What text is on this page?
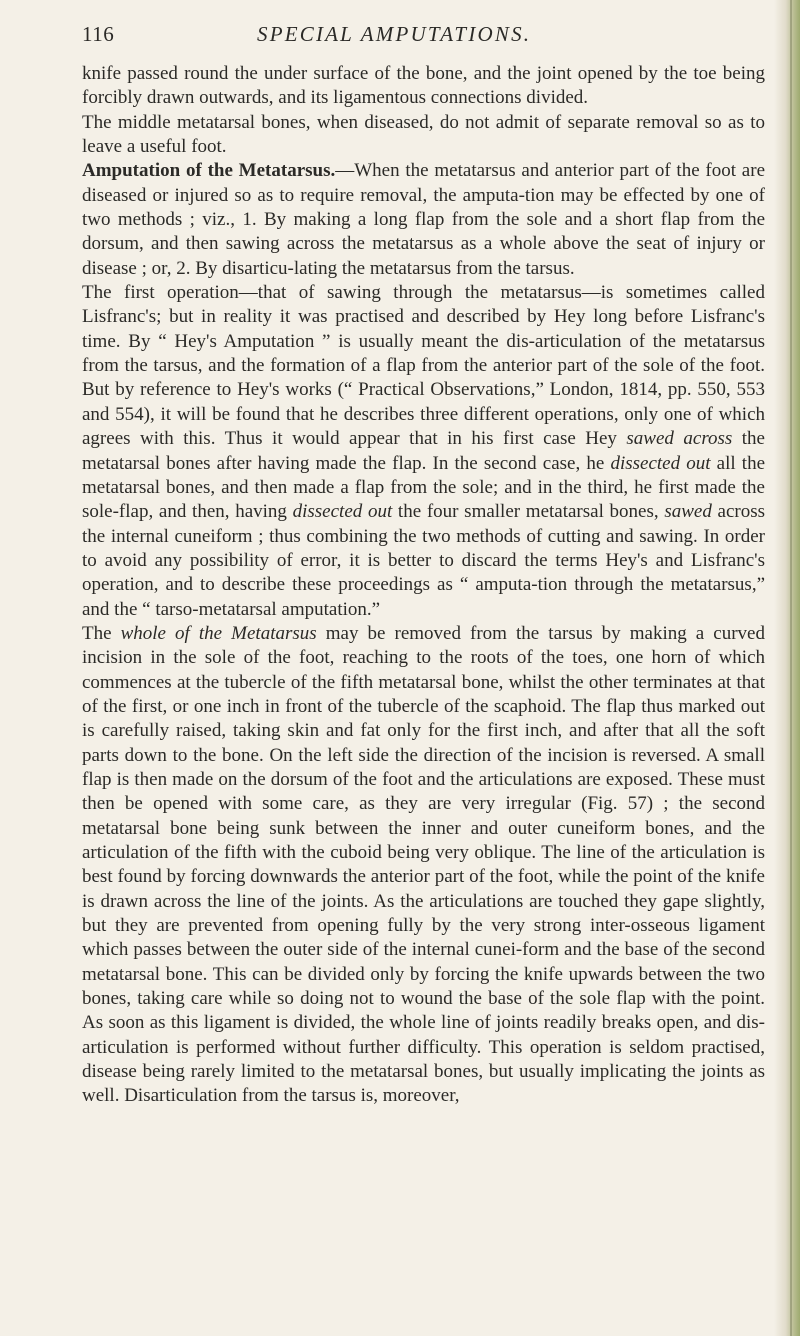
116	SPECIAL AMPUTATIONS.

knife passed round the under surface of the bone, and the joint opened by the toe being forcibly drawn outwards, and its ligamentous connections divided.

The middle metatarsal bones, when diseased, do not admit of separate removal so as to leave a useful foot.

Amputation of the Metatarsus.—When the metatarsus and anterior part of the foot are diseased or injured so as to require removal, the amputa-tion may be effected by one of two methods ; viz., 1. By making a long flap from the sole and a short flap from the dorsum, and then sawing across the metatarsus as a whole above the seat of injury or disease ; or, 2. By disarticu-lating the metatarsus from the tarsus.

The first operation—that of sawing through the metatarsus—is sometimes called Lisfranc's; but in reality it was practised and described by Hey long before Lisfranc's time. By “ Hey's Amputation ” is usually meant the dis-articulation of the metatarsus from the tarsus, and the formation of a flap from the anterior part of the sole of the foot. But by reference to Hey's works (“ Practical Observations,” London, 1814, pp. 550, 553 and 554), it will be found that he describes three different operations, only one of which agrees with this. Thus it would appear that in his first case Hey sawed across the metatarsal bones after having made the flap. In the second case, he dissected out all the metatarsal bones, and then made a flap from the sole; and in the third, he first made the sole-flap, and then, having dissected out the four smaller metatarsal bones, sawed across the internal cuneiform ; thus combining the two methods of cutting and sawing. In order to avoid any possibility of error, it is better to discard the terms Hey's and Lisfranc's operation, and to describe these proceedings as “ amputa-tion through the metatarsus,” and the “ tarso-metatarsal amputation.”

The whole of the Metatarsus may be removed from the tarsus by making a curved incision in the sole of the foot, reaching to the roots of the toes, one horn of which commences at the tubercle of the fifth metatarsal bone, whilst the other terminates at that of the first, or one inch in front of the tubercle of the scaphoid. The flap thus marked out is carefully raised, taking skin and fat only for the first inch, and after that all the soft parts down to the bone. On the left side the direction of the incision is reversed. A small flap is then made on the dorsum of the foot and the articulations are exposed. These must then be opened with some care, as they are very irregular (Fig. 57) ; the second metatarsal bone being sunk between the inner and outer cuneiform bones, and the articulation of the fifth with the cuboid being very oblique. The line of the articulation is best found by forcing downwards the anterior part of the foot, while the point of the knife is drawn across the line of the joints. As the articulations are touched they gape slightly, but they are prevented from opening fully by the very strong inter-osseous ligament which passes between the outer side of the internal cunei-form and the base of the second metatarsal bone. This can be divided only by forcing the knife upwards between the two bones, taking care while so doing not to wound the base of the sole flap with the point. As soon as this ligament is divided, the whole line of joints readily breaks open, and dis-articulation is performed without further difficulty. This operation is seldom practised, disease being rarely limited to the metatarsal bones, but usually implicating the joints as well. Disarticulation from the tarsus is, moreover,
